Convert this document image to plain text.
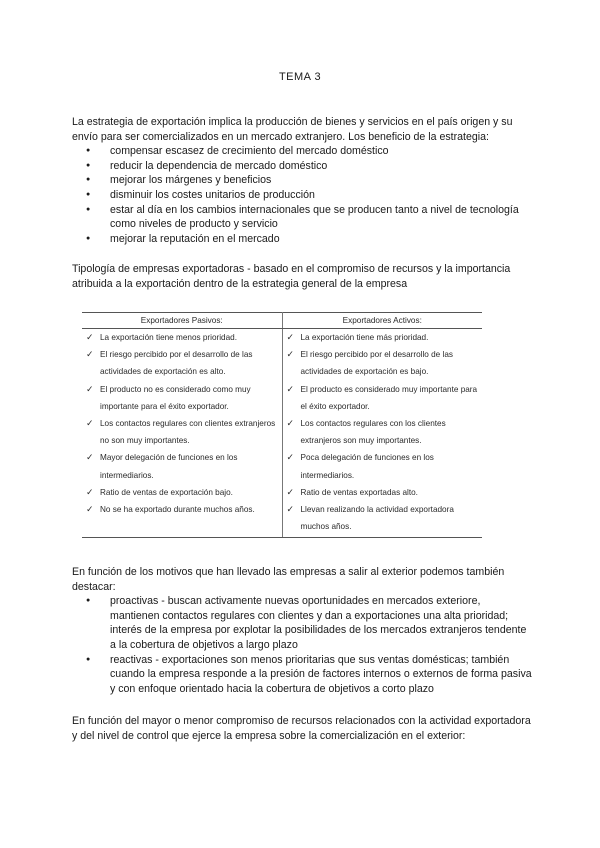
TEMA 3
La estrategia de exportación implica la producción de bienes y servicios en el país origen y su envío para ser comercializados en un mercado extranjero. Los beneficio de la estrategia:
● compensar escasez de crecimiento del mercado doméstico
● reducir la dependencia de mercado doméstico
● mejorar los márgenes y beneficios
● disminuir los costes unitarios de producción
● estar al día en los cambios internacionales que se producen tanto a nivel de tecnología como niveles de producto y servicio
● mejorar la reputación en el mercado
Tipología de empresas exportadoras - basado en el compromiso de recursos y la importancia atribuida a la exportación dentro de la estrategia general de la empresa
Exportadores Pasivos:	Exportadores Activos:

✓ La exportación tiene menos prioridad.	✓ La exportación tiene más prioridad.

✓ El riesgo percibido por el desarrollo de las actividades de exportación es alto.	✓ El riesgo percibido por el desarrollo de las actividades de exportación es bajo.

✓ El producto no es considerado como muy importante para el éxito exportador.	✓ El producto es considerado muy importante para el éxito exportador.

✓ Los contactos regulares con clientes extranjeros no son muy importantes.	✓ Los contactos regulares con los clientes extranjeros son muy importantes.

✓ Mayor delegación de funciones en los intermediarios.	✓ Poca delegación de funciones en los intermediarios.

✓ Ratio de ventas de exportación bajo.	✓ Ratio de ventas exportadas alto.

✓ No se ha exportado durante muchos años.	✓ Llevan realizando la actividad exportadora muchos años.

En función de los motivos que han llevado las empresas a salir al exterior podemos también destacar:
● proactivas - buscan activamente nuevas oportunidades en mercados exteriore, mantienen contactos regulares con clientes y dan a exportaciones una alta prioridad; interés de la empresa por explotar la posibilidades de los mercados extranjeros tendente a la cobertura de objetivos a largo plazo
● reactivas - exportaciones son menos prioritarias que sus ventas domésticas; también cuando la empresa responde a la presión de factores internos o externos de forma pasiva y con enfoque orientado hacia la cobertura de objetivos a corto plazo
En función del mayor o menor compromiso de recursos relacionados con la actividad exportadora y del nivel de control que ejerce la empresa sobre la comercialización en el exterior:
